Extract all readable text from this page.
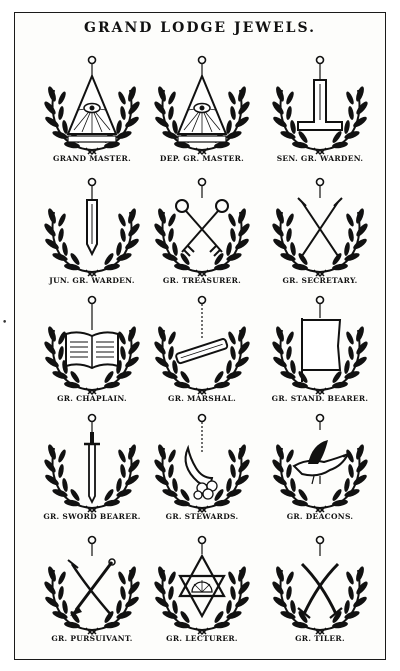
GRAND LODGE JEWELS.
•
GRAND MASTER.	DEP. GR. MASTER.	SEN. GR. WARDEN.
JUN. GR. WARDEN.	GR. TREASURER.	GR. SECRETARY.
GR. CHAPLAIN.	GR. MARSHAL.	GR. STAND. BEARER.
GR. SWORD BEARER.	GR. STEWARDS.	GR. DEACONS.
GR. PURSUIVANT.	GR. LECTURER.	GR. TILER.
